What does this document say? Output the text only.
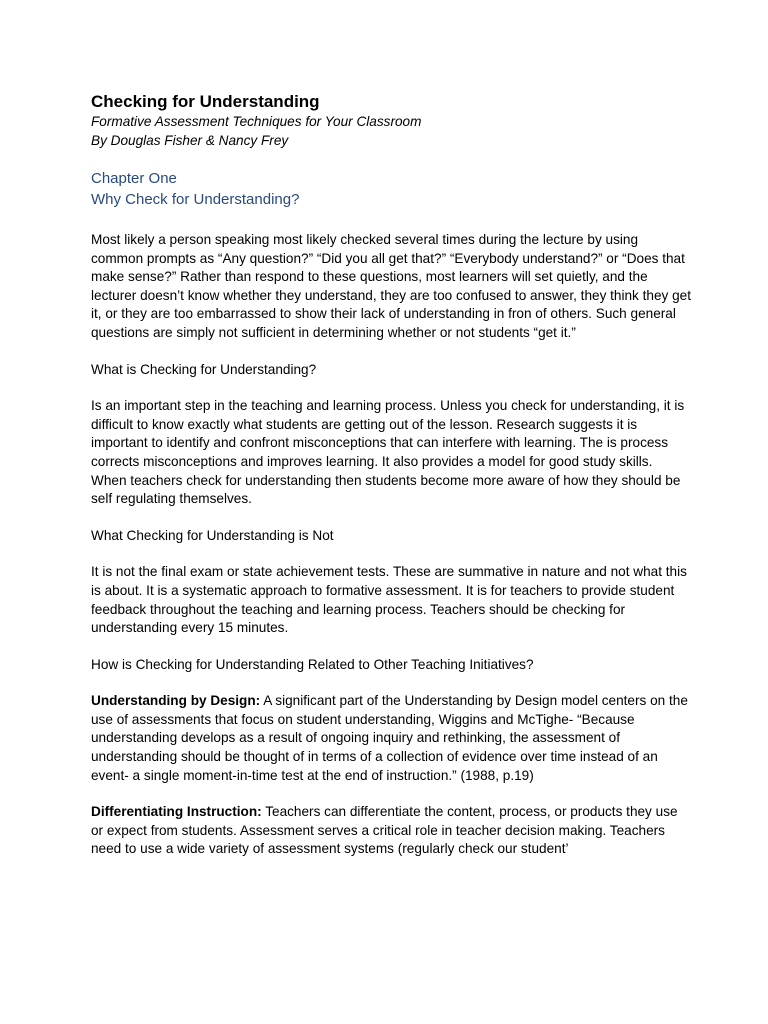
Checking for Understanding
Formative Assessment Techniques for Your Classroom
By Douglas Fisher & Nancy Frey
Chapter One
Why Check for Understanding?

Most likely a person speaking most likely checked several times during the lecture by using common prompts as “Any question?” “Did you all get that?” “Everybody understand?” or “Does that make sense?” Rather than respond to these questions, most learners will set quietly, and the lecturer doesn’t know whether they understand, they are too confused to answer, they think they get it, or they are too embarrassed to show their lack of understanding in fron of others. Such general questions are simply not sufficient in determining whether or not students “get it.”

What is Checking for Understanding?

Is an important step in the teaching and learning process. Unless you check for understanding, it is difficult to know exactly what students are getting out of the lesson. Research suggests it is important to identify and confront misconceptions that can interfere with learning. The is process corrects misconceptions and improves learning. It also provides a model for good study skills. When teachers check for understanding then students become more aware of how they should be self regulating themselves.

What Checking for Understanding is Not

It is not the final exam or state achievement tests. These are summative in nature and not what this is about. It is a systematic approach to formative assessment. It is for teachers to provide student feedback throughout the teaching and learning process. Teachers should be checking for understanding every 15 minutes.

How is Checking for Understanding Related to Other Teaching Initiatives?

Understanding by Design: A significant part of the Understanding by Design model centers on the use of assessments that focus on student understanding, Wiggins and McTighe- “Because understanding develops as a result of ongoing inquiry and rethinking, the assessment of understanding should be thought of in terms of a collection of evidence over time instead of an event- a single moment-in-time test at the end of instruction.” (1988, p.19)

Differentiating Instruction: Teachers can differentiate the content, process, or products they use or expect from students. Assessment serves a critical role in teacher decision making. Teachers need to use a wide variety of assessment systems (regularly check our student’
